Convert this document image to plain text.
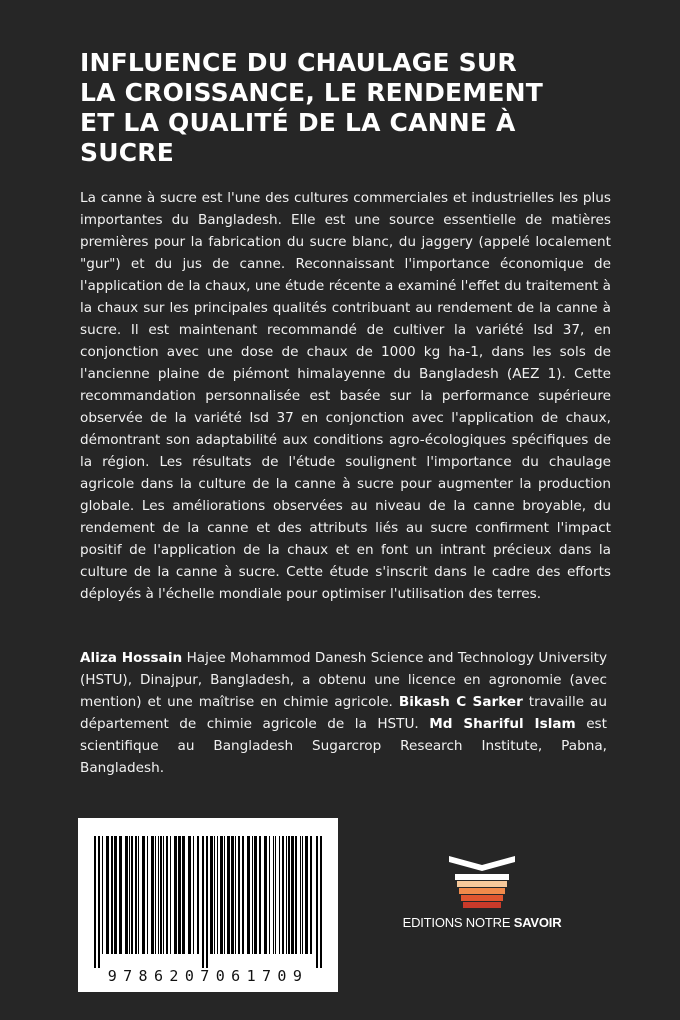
INFLUENCE DU CHAULAGE SUR
LA CROISSANCE, LE RENDEMENT
ET LA QUALITÉ DE LA CANNE À
SUCRE

La canne à sucre est l'une des cultures commerciales et industrielles les plus importantes du Bangladesh. Elle est une source essentielle de matières premières pour la fabrication du sucre blanc, du jaggery (appelé localement "gur") et du jus de canne. Reconnaissant l'importance économique de l'application de la chaux, une étude récente a examiné l'effet du traitement à la chaux sur les principales qualités contribuant au rendement de la canne à sucre. Il est maintenant recommandé de cultiver la variété Isd 37, en conjonction avec une dose de chaux de 1000 kg ha-1, dans les sols de l'ancienne plaine de piémont himalayenne du Bangladesh (AEZ 1). Cette recommandation personnalisée est basée sur la performance supérieure observée de la variété Isd 37 en conjonction avec l'application de chaux, démontrant son adaptabilité aux conditions agro-écologiques spécifiques de la région. Les résultats de l'étude soulignent l'importance du chaulage agricole dans la culture de la canne à sucre pour augmenter la production globale. Les améliorations observées au niveau de la canne broyable, du rendement de la canne et des attributs liés au sucre confirment l'impact positif de l'application de la chaux et en font un intrant précieux dans la culture de la canne à sucre. Cette étude s'inscrit dans le cadre des efforts déployés à l'échelle mondiale pour optimiser l'utilisation des terres.

Aliza Hossain Hajee Mohammod Danesh Science and Technology University (HSTU), Dinajpur, Bangladesh, a obtenu une licence en agronomie (avec mention) et une maîtrise en chimie agricole. Bikash C Sarker travaille au département de chimie agricole de la HSTU. Md Shariful Islam est scientifique au Bangladesh Sugarcrop Research Institute, Pabna, Bangladesh.

9786207061709
EDITIONS NOTRE SAVOIR
